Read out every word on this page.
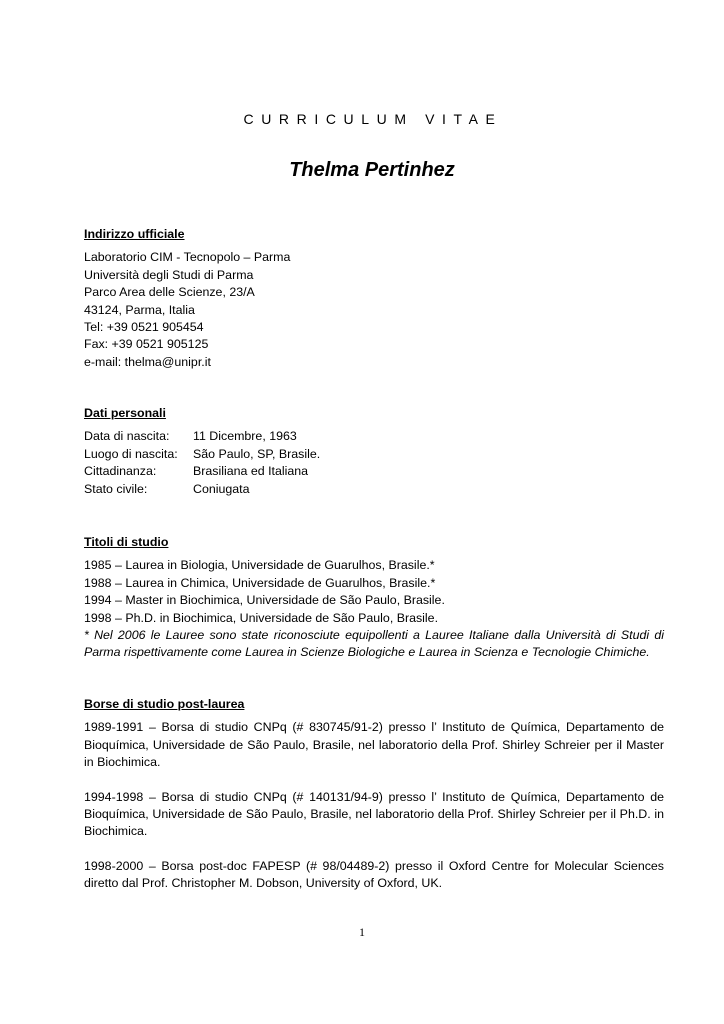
CURRICULUM VITAE
Thelma Pertinhez
Indirizzo ufficiale
Laboratorio CIM - Tecnopolo – Parma
Università degli Studi di Parma
Parco Area delle Scienze, 23/A
43124, Parma, Italia
Tel: +39 0521 905454
Fax: +39 0521 905125
e-mail: thelma@unipr.it
Dati personali
Data di nascita:	11 Dicembre, 1963
Luogo di nascita:	São Paulo, SP, Brasile.
Cittadinanza:	Brasiliana ed Italiana
Stato civile:	Coniugata
Titoli di studio
1985 – Laurea in Biologia, Universidade de Guarulhos, Brasile.*
1988 – Laurea in Chimica, Universidade de Guarulhos, Brasile.*
1994 – Master in Biochimica, Universidade de São Paulo, Brasile.
1998 – Ph.D. in Biochimica, Universidade de São Paulo, Brasile.
* Nel 2006 le Lauree sono state riconosciute equipollenti a Lauree Italiane dalla Università di Studi di Parma rispettivamente come Laurea in Scienze Biologiche e Laurea in Scienza e Tecnologie Chimiche.
Borse di studio post-laurea
1989-1991 – Borsa di studio CNPq (# 830745/91-2) presso l’ Instituto de Química, Departamento de Bioquímica, Universidade de São Paulo, Brasile, nel laboratorio della Prof. Shirley Schreier per il Master in Biochimica.
1994-1998 – Borsa di studio CNPq (# 140131/94-9) presso l’ Instituto de Química, Departamento de Bioquímica, Universidade de São Paulo, Brasile, nel laboratorio della Prof. Shirley Schreier per il Ph.D. in Biochimica.
1998-2000 – Borsa post-doc FAPESP (# 98/04489-2) presso il Oxford Centre for Molecular Sciences diretto dal Prof. Christopher M. Dobson, University of Oxford, UK.
1
